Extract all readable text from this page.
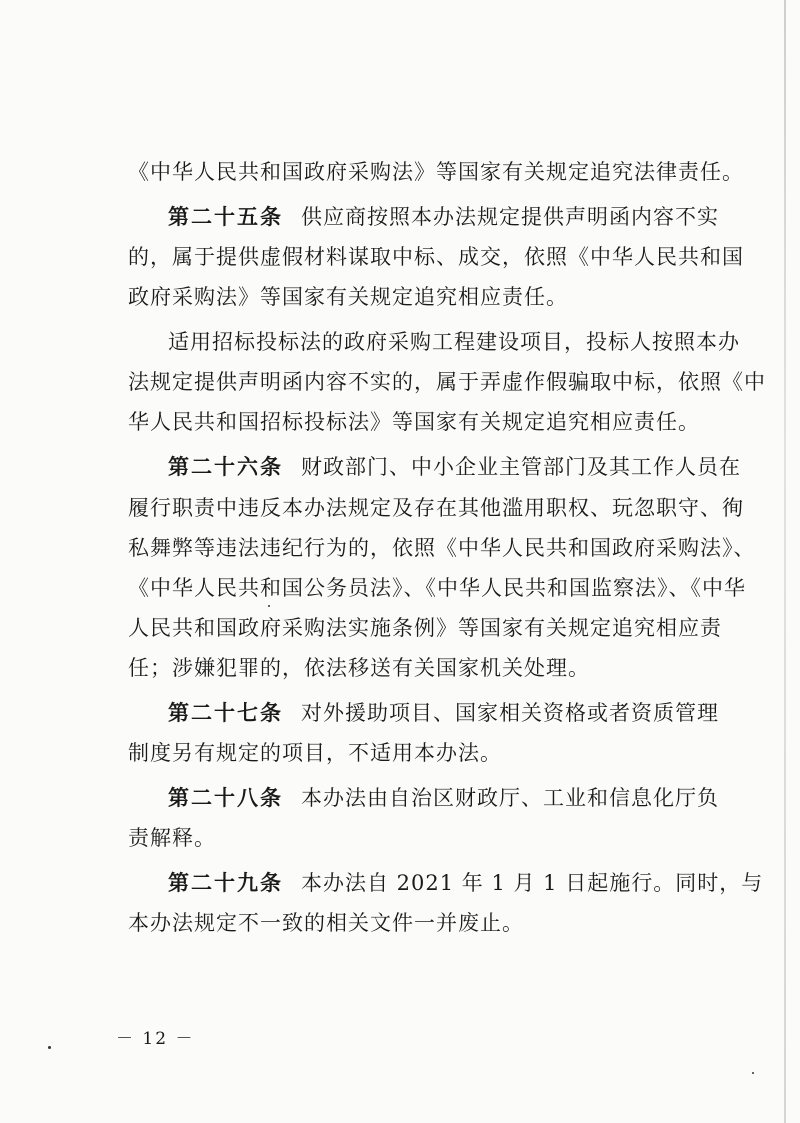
《中华人民共和国政府采购法》等国家有关规定追究法律责任。
第二十五条 供应商按照本办法规定提供声明函内容不实
的，属于提供虚假材料谋取中标、成交，依照《中华人民共和国
政府采购法》等国家有关规定追究相应责任。
适用招标投标法的政府采购工程建设项目，投标人按照本办
法规定提供声明函内容不实的，属于弄虚作假骗取中标，依照《中
华人民共和国招标投标法》等国家有关规定追究相应责任。
第二十六条 财政部门、中小企业主管部门及其工作人员在
履行职责中违反本办法规定及存在其他滥用职权、玩忽职守、徇
私舞弊等违法违纪行为的，依照《中华人民共和国政府采购法》、
《中华人民共和国公务员法》、《中华人民共和国监察法》、《中华
人民共和国政府采购法实施条例》等国家有关规定追究相应责
任；涉嫌犯罪的，依法移送有关国家机关处理。
第二十七条 对外援助项目、国家相关资格或者资质管理
制度另有规定的项目，不适用本办法。
第二十八条 本办法由自治区财政厅、工业和信息化厅负
责解释。
第二十九条 本办法自 2021 年 1 月 1 日起施行。同时，与
本办法规定不一致的相关文件一并废止。
－ 12 －
